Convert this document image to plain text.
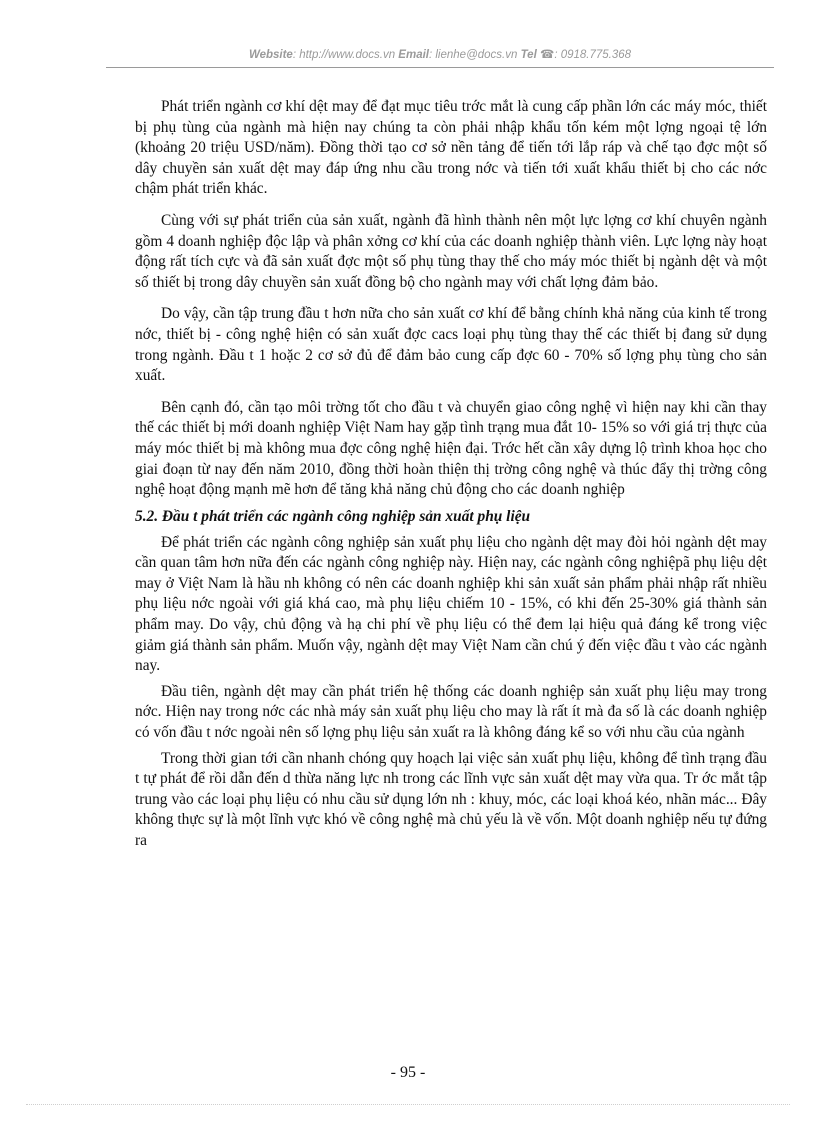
Website: http://www.docs.vn Email: lienhe@docs.vn Tel ☎: 0918.775.368

Phát triển ngành cơ khí dệt may để đạt mục tiêu trớc mắt là cung cấp phần lớn các máy móc, thiết bị phụ tùng của ngành mà hiện nay chúng ta còn phải nhập khẩu tốn kém một lợng ngoại tệ lớn (khoảng 20 triệu USD/năm). Đồng thời tạo cơ sở nền tảng để tiến tới lắp ráp và chế tạo đợc một số dây chuyền sản xuất dệt may đáp ứng nhu cầu trong nớc và tiến tới xuất khẩu thiết bị cho các nớc chậm phát triển khác.

Cùng với sự phát triển của sản xuất, ngành đã hình thành nên một lực lợng cơ khí chuyên ngành gồm 4 doanh nghiệp độc lập và phân xởng cơ khí của các doanh nghiệp thành viên. Lực lợng này hoạt động rất tích cực và đã sản xuất đợc một số phụ tùng thay thế cho máy móc thiết bị ngành dệt và một số thiết bị trong dây chuyền sản xuất đồng bộ cho ngành may với chất lợng đảm bảo.

Do vậy, cần tập trung đầu t hơn nữa cho sản xuất cơ khí để bằng chính khả năng của kinh tế trong nớc, thiết bị - công nghệ hiện có sản xuất đợc cacs loại phụ tùng thay thế các thiết bị đang sử dụng trong ngành. Đầu t 1 hoặc 2 cơ sở đủ để đảm bảo cung cấp đợc 60 - 70% số lợng phụ tùng cho sản xuất.

Bên cạnh đó, cần tạo môi trờng tốt cho đầu t và chuyển giao công nghệ vì hiện nay khi cần thay thế các thiết bị mới doanh nghiệp Việt Nam hay gặp tình trạng mua đắt 10- 15% so với giá trị thực của máy móc thiết bị mà không mua đợc công nghệ hiện đại. Trớc hết cần xây dựng lộ trình khoa học cho giai đoạn từ nay đến năm 2010, đồng thời hoàn thiện thị trờng công nghệ và thúc đẩy thị trờng công nghệ hoạt động mạnh mẽ hơn để tăng khả năng chủ động cho các doanh nghiệp

5.2. Đầu t phát triển các ngành công nghiệp sản xuất phụ liệu

Để phát triển các ngành công nghiệp sản xuất phụ liệu cho ngành dệt may đòi hỏi ngành dệt may cần quan tâm hơn nữa đến các ngành công nghiệp này. Hiện nay, các ngành công nghiệpã phụ liệu dệt may ở Việt Nam là hầu nh không có nên các doanh nghiệp khi sản xuất sản phẩm phải nhập rất nhiều phụ liệu nớc ngoài với giá khá cao, mà phụ liệu chiếm 10 - 15%, có khi đến 25-30% giá thành sản phẩm may. Do vậy, chủ động và hạ chi phí về phụ liệu có thể đem lại hiệu quả đáng kể trong việc giảm giá thành sản phẩm. Muốn vậy, ngành dệt may Việt Nam cần chú ý đến việc đầu t vào các ngành nay.

Đầu tiên, ngành dệt may cần phát triển hệ thống các doanh nghiệp sản xuất phụ liệu may trong nớc. Hiện nay trong nớc các nhà máy sản xuất phụ liệu cho may là rất ít mà đa số là các doanh nghiệp có vốn đầu t nớc ngoài nên số lợng phụ liệu sản xuất ra là không đáng kể so với nhu cầu của ngành

Trong thời gian tới cần nhanh chóng quy hoạch lại việc sản xuất phụ liệu, không để tình trạng đầu t tự phát để rồi dẫn đến d thừa năng lực nh trong các lĩnh vực sản xuất dệt may vừa qua. Tr ớc mắt tập trung vào các loại phụ liệu có nhu cầu sử dụng lớn nh : khuy, móc, các loại khoá kéo, nhãn mác... Đây không thực sự là một lĩnh vực khó về công nghệ mà chủ yếu là về vốn. Một doanh nghiệp nếu tự đứng ra

- 95 -
